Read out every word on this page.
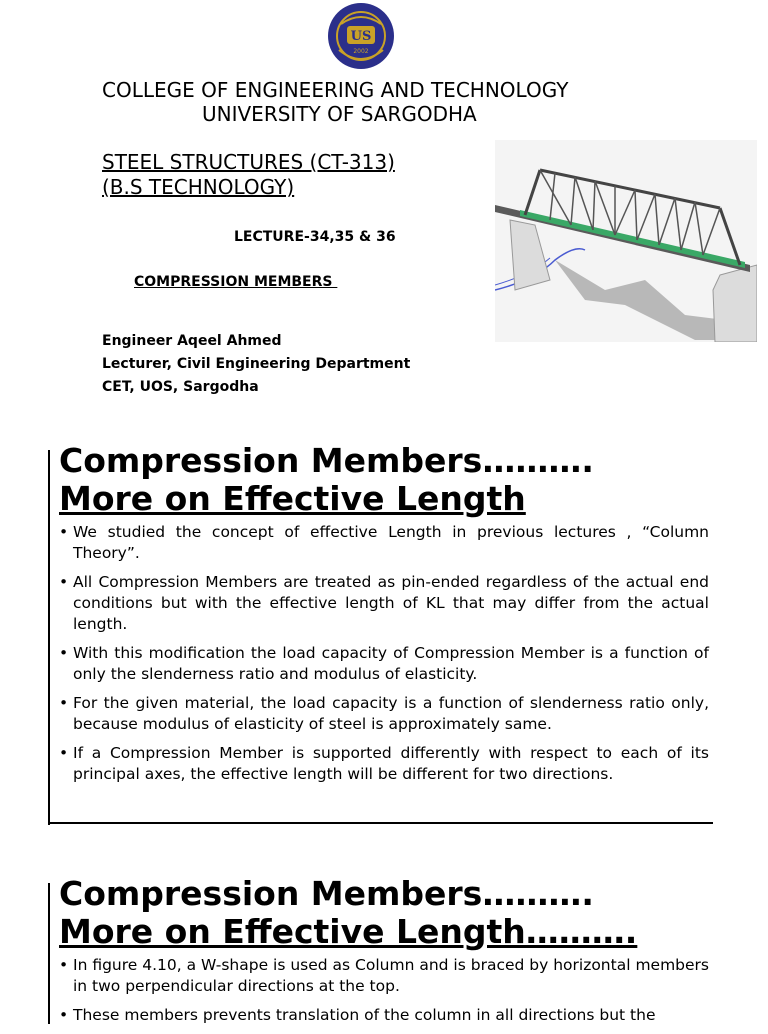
US
2002
COLLEGE OF ENGINEERING AND TECHNOLOGY
UNIVERSITY OF SARGODHA
STEEL STRUCTURES (CT-313)
(B.S TECHNOLOGY)
LECTURE-34,35 & 36
COMPRESSION MEMBERS
Engineer Aqeel Ahmed
Lecturer, Civil Engineering Department
CET, UOS, Sargodha
Compression Members……….
More on Effective Length
• We studied the concept of effective Length in previous lectures , “Column Theory”.
• All Compression Members are treated as pin-ended regardless of the actual end conditions but with the effective length of KL that may differ from the actual length.
• With this modification the load capacity of Compression Member is a function of only the slenderness ratio and modulus of elasticity.
• For the given material, the load capacity is a function of slenderness ratio only, because modulus of elasticity of steel is approximately same.
• If a Compression Member is supported differently with respect to each of its principal axes, the effective length will be different for two directions.
Compression Members……….
More on Effective Length……….
• In figure 4.10, a W-shape is used as Column and is braced by horizontal members in two perpendicular directions at the top.
• These members prevents translation of the column in all directions but the
